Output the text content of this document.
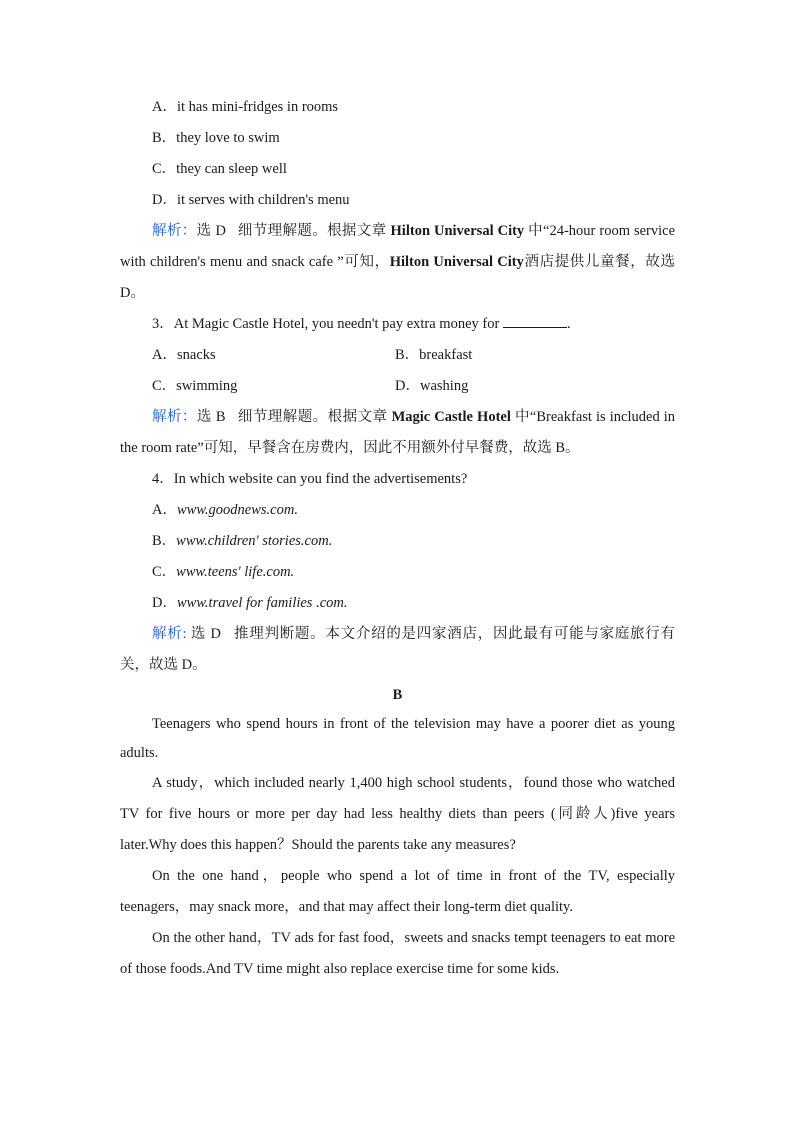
A．it has mini-fridges in rooms
B．they love to swim
C．they can sleep well
D．it serves with children's menu
解析：选 D 细节理解题。根据文章 Hilton Universal City 中“24-hour room service with children's menu and snack cafe ”可知，Hilton Universal City酒店提供儿童餐，故选 D。
3．At Magic Castle Hotel, you needn't pay extra money for	.
A．snacks	B．breakfast
C．swimming	D．washing
解析：选 B 细节理解题。根据文章 Magic Castle Hotel 中“Breakfast is included in the room rate”可知，早餐含在房费内，因此不用额外付早餐费，故选 B。
4．In which website can you find the advertisements?
A．www.goodnews.com.
B．www.children' stories.com.
C．www.teens' life.com.
D．www.travel for families .com.
解析: 选 D 推理判断题。本文介绍的是四家酒店，因此最有可能与家庭旅行有关，故选 D。
B
Teenagers who spend hours in front of the television may have a poorer diet as young adults.
A study，which included nearly 1,400 high school students，found those who watched TV for five hours or more per day had less healthy diets than peers (同龄人)five years later.Why does this happen？Should the parents take any measures?
On the one hand，people who spend a lot of time in front of the TV, especially teenagers，may snack more，and that may affect their long-term diet quality.
On the other hand，TV ads for fast food，sweets and snacks tempt teenagers to eat more of those foods.And TV time might also replace exercise time for some kids.
